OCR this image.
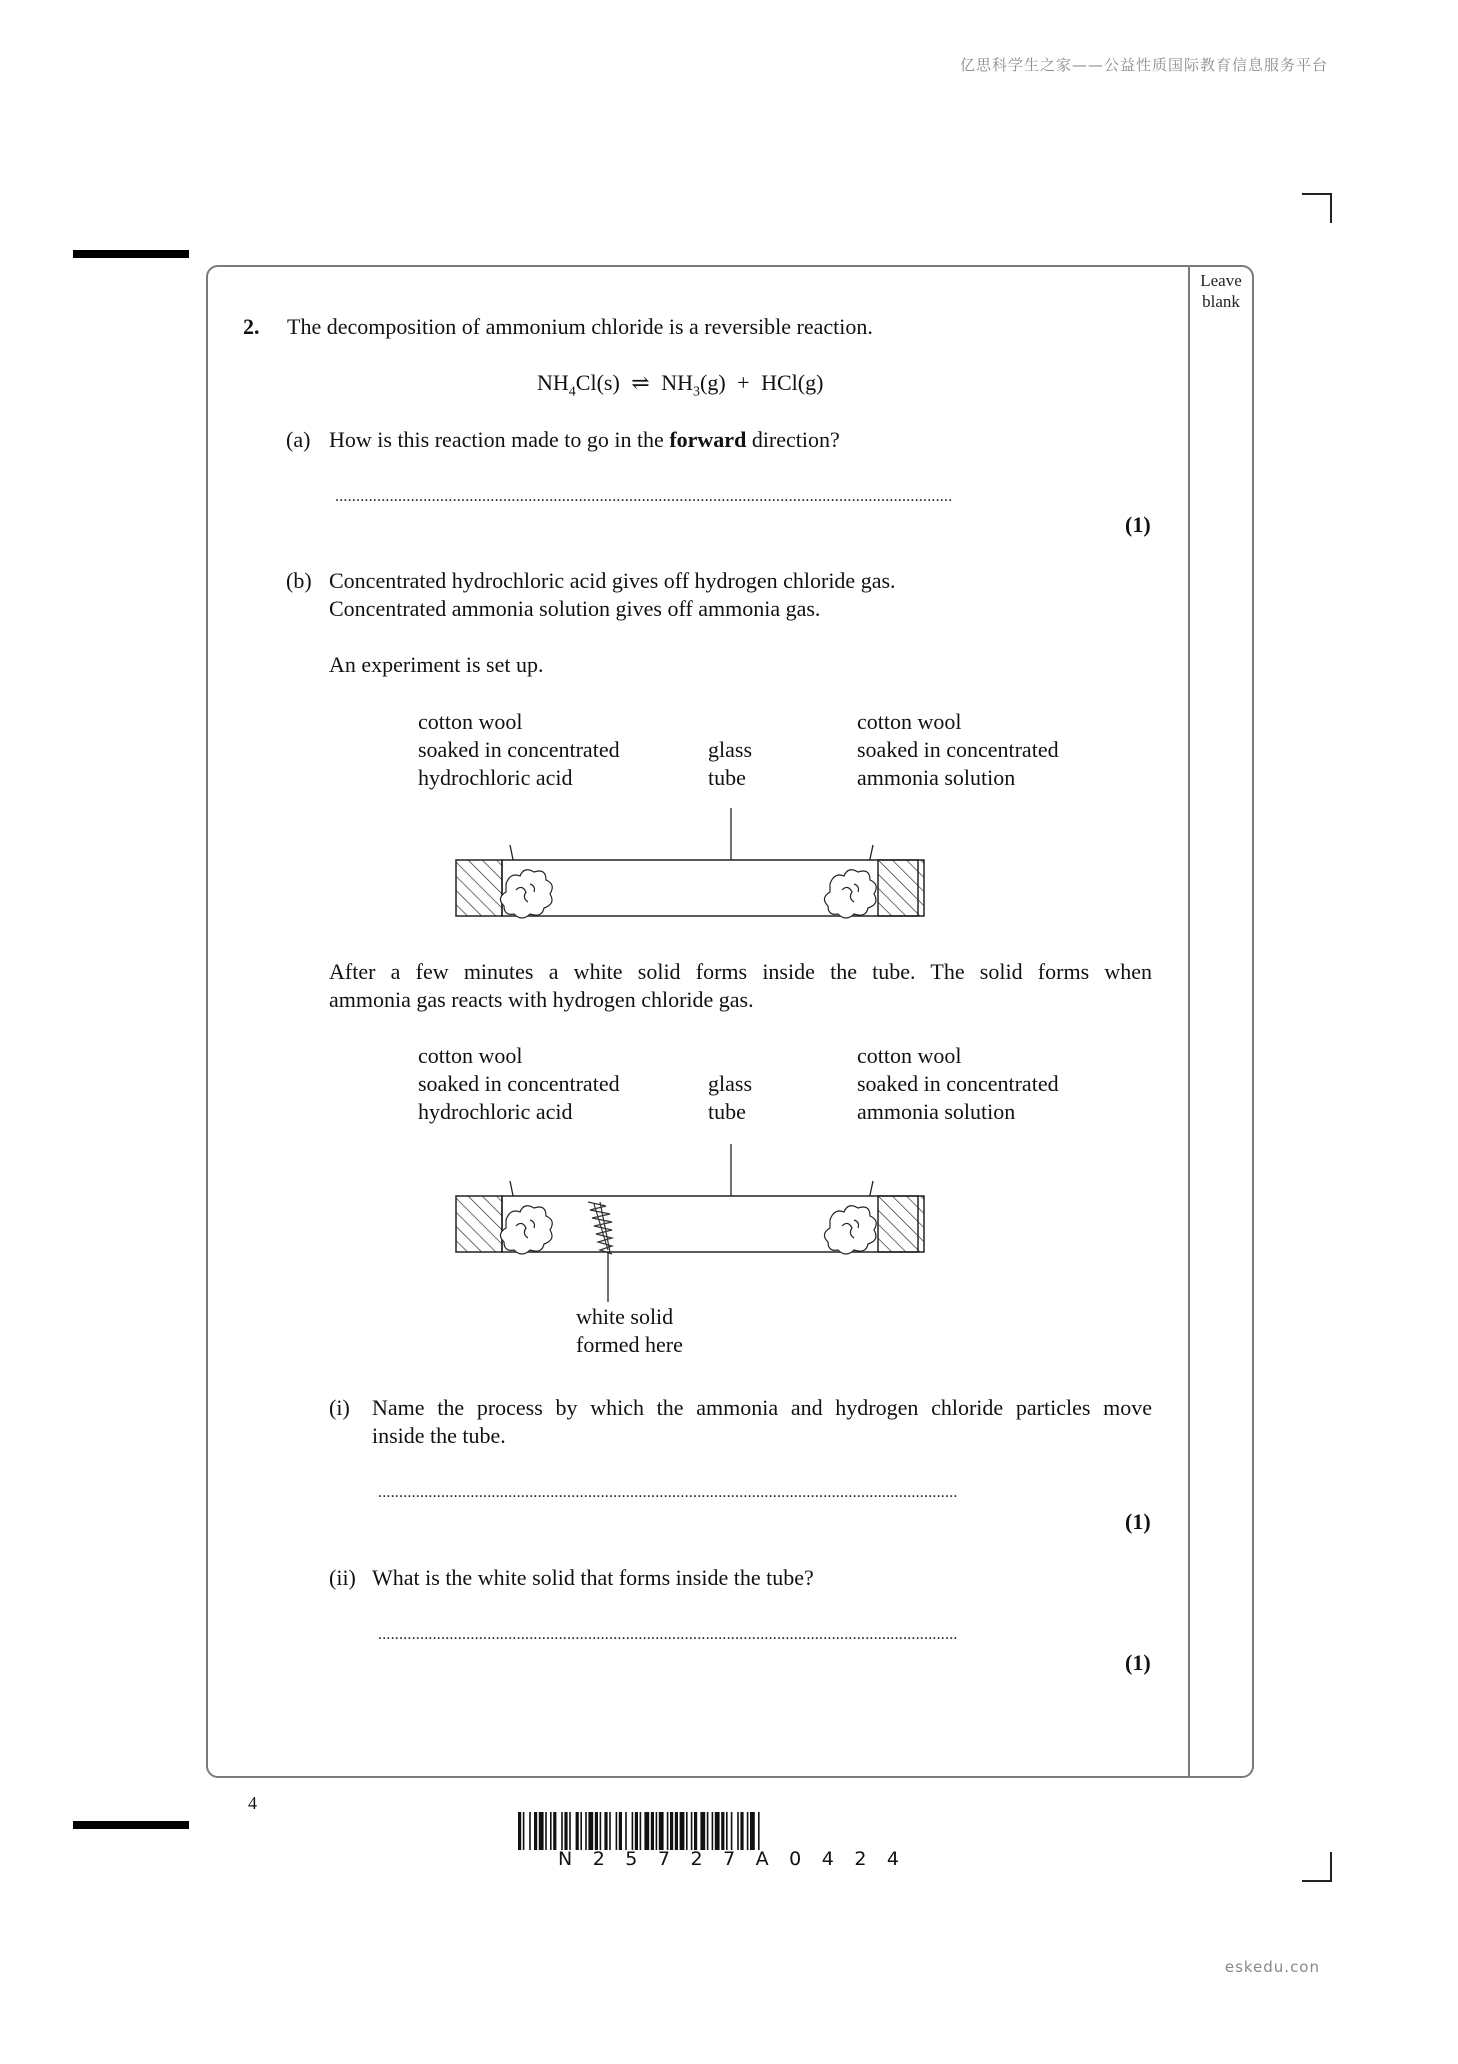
亿思科学生之家——公益性质国际教育信息服务平台
eskedu.con
Leave
blank
2. The decomposition of ammonium chloride is a reversible reaction.
$NH_4Cl(s)$ ⇌ $NH_3(g) + HCl(g)$
(a) How is this reaction made to go in the forward direction?
...................................................................................................................................................
(1)
(b) Concentrated hydrochloric acid gives off hydrogen chloride gas.
Concentrated ammonia solution gives off ammonia gas.
An experiment is set up.
cotton wool
soaked in concentrated
hydrochloric acid
glass
tube
cotton wool
soaked in concentrated
ammonia solution
After a few minutes a white solid forms inside the tube. The solid forms when
ammonia gas reacts with hydrogen chloride gas.
cotton wool
soaked in concentrated
hydrochloric acid
glass
tube
cotton wool
soaked in concentrated
ammonia solution
white solid
formed here
(i) Name the process by which the ammonia and hydrogen chloride particles move
inside the tube.
..........................................................................................................................................
(1)
(ii) What is the white solid that forms inside the tube?
..........................................................................................................................................
(1)
4
N25727A0424
